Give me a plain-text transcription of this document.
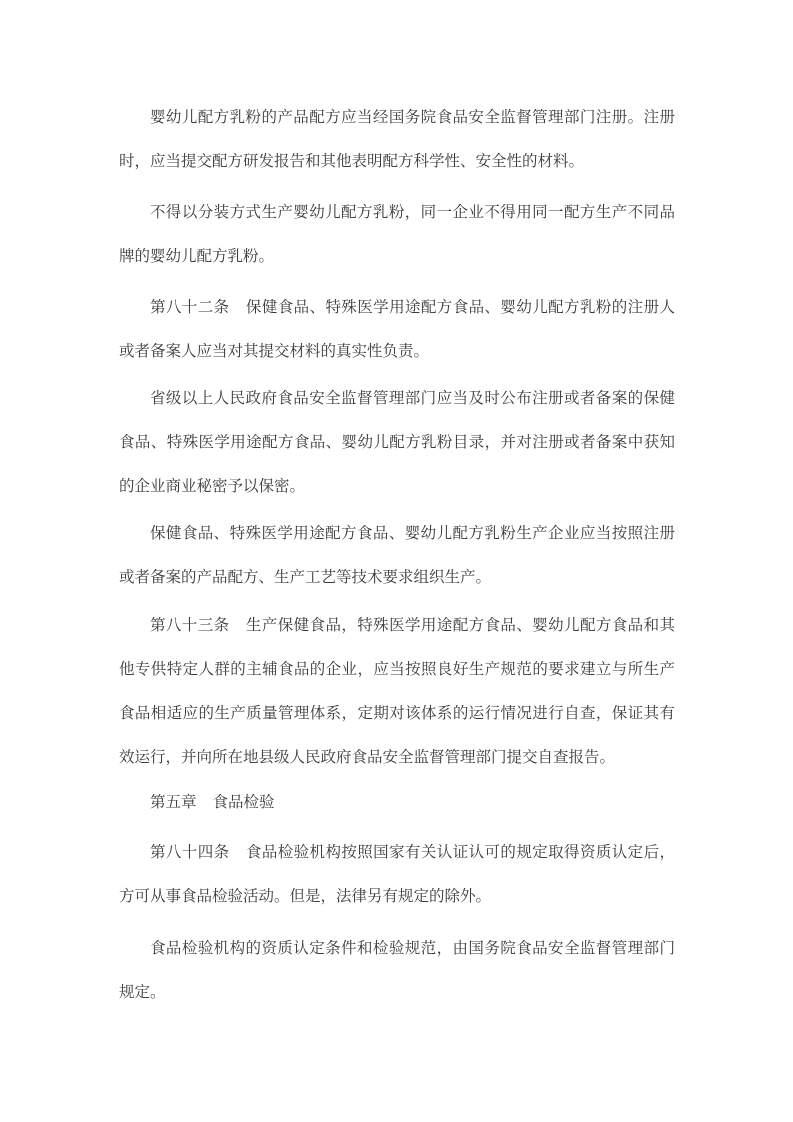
婴幼儿配方乳粉的产品配方应当经国务院食品安全监督管理部门注册。注册时，应当提交配方研发报告和其他表明配方科学性、安全性的材料。

不得以分装方式生产婴幼儿配方乳粉，同一企业不得用同一配方生产不同品牌的婴幼儿配方乳粉。

第八十二条 保健食品、特殊医学用途配方食品、婴幼儿配方乳粉的注册人或者备案人应当对其提交材料的真实性负责。

省级以上人民政府食品安全监督管理部门应当及时公布注册或者备案的保健食品、特殊医学用途配方食品、婴幼儿配方乳粉目录，并对注册或者备案中获知的企业商业秘密予以保密。

保健食品、特殊医学用途配方食品、婴幼儿配方乳粉生产企业应当按照注册或者备案的产品配方、生产工艺等技术要求组织生产。

第八十三条 生产保健食品，特殊医学用途配方食品、婴幼儿配方食品和其他专供特定人群的主辅食品的企业，应当按照良好生产规范的要求建立与所生产食品相适应的生产质量管理体系，定期对该体系的运行情况进行自查，保证其有效运行，并向所在地县级人民政府食品安全监督管理部门提交自查报告。

第五章 食品检验

第八十四条 食品检验机构按照国家有关认证认可的规定取得资质认定后，方可从事食品检验活动。但是，法律另有规定的除外。

食品检验机构的资质认定条件和检验规范，由国务院食品安全监督管理部门规定。
